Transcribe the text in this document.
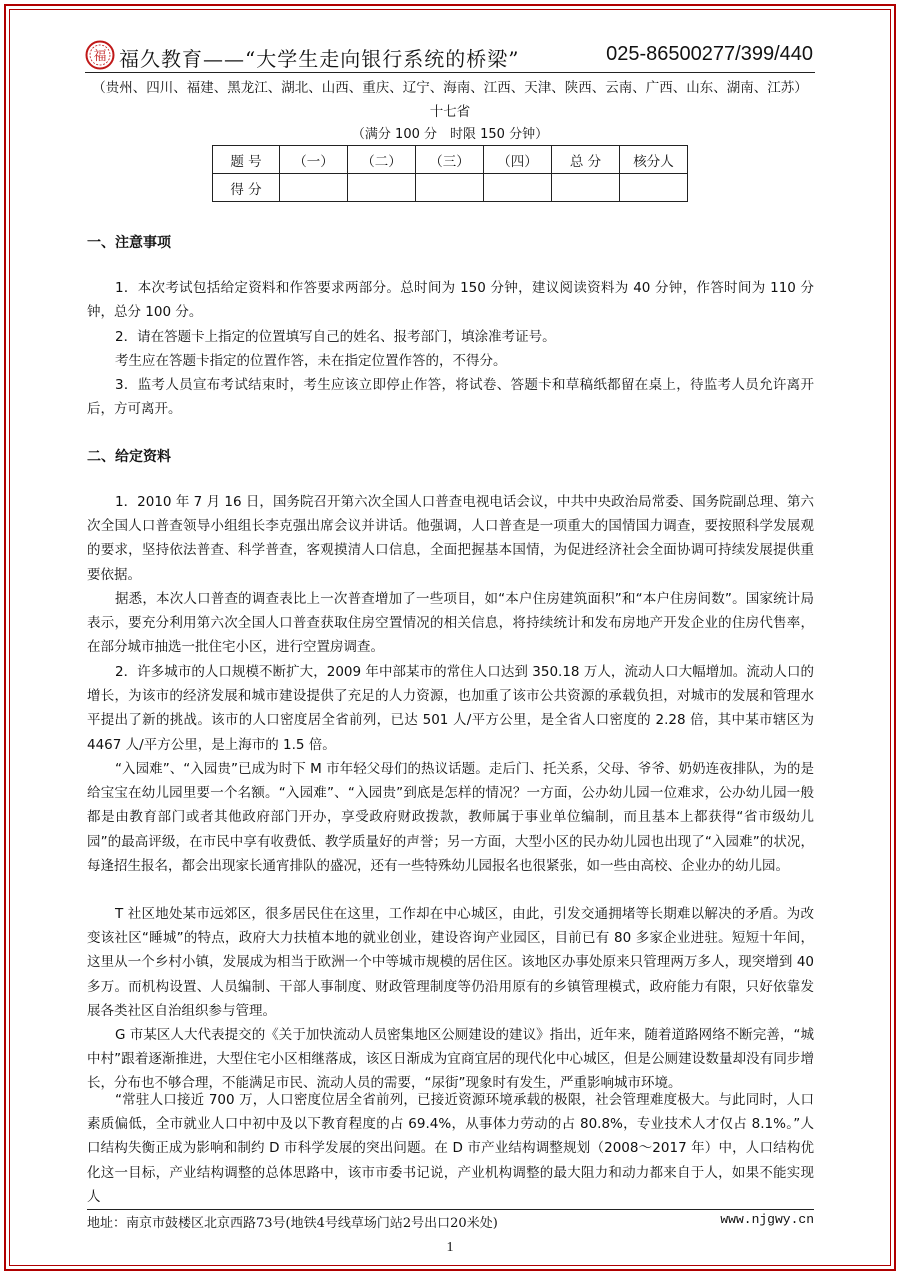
福 福久教育——“大学生走向银行系统的桥梁”	025-86500277/399/440
（贵州、四川、福建、黑龙江、湖北、山西、重庆、辽宁、海南、江西、天津、陕西、云南、广西、山东、湖南、江苏）
十七省
（满分 100 分　时限 150 分钟）
题 号	（一）	（二）	（三）	（四）	总 分	核分人
得 分						
一、注意事项

1．本次考试包括给定资料和作答要求两部分。总时间为 150 分钟，建议阅读资料为 40 分钟，作答时间为 110 分钟，总分 100 分。

2．请在答题卡上指定的位置填写自己的姓名、报考部门，填涂准考证号。

考生应在答题卡指定的位置作答，未在指定位置作答的，不得分。

3．监考人员宣布考试结束时，考生应该立即停止作答，将试卷、答题卡和草稿纸都留在桌上，待监考人员允许离开后，方可离开。

二、给定资料

1．2010 年 7 月 16 日，国务院召开第六次全国人口普查电视电话会议，中共中央政治局常委、国务院副总理、第六次全国人口普查领导小组组长李克强出席会议并讲话。他强调，人口普查是一项重大的国情国力调查，要按照科学发展观的要求，坚持依法普查、科学普查，客观摸清人口信息，全面把握基本国情，为促进经济社会全面协调可持续发展提供重要依据。

据悉，本次人口普查的调查表比上一次普查增加了一些项目，如“本户住房建筑面积”和“本户住房间数”。国家统计局表示，要充分利用第六次全国人口普查获取住房空置情况的相关信息，将持续统计和发布房地产开发企业的住房代售率，在部分城市抽选一批住宅小区，进行空置房调查。

2．许多城市的人口规模不断扩大，2009 年中部某市的常住人口达到 350.18 万人，流动人口大幅增加。流动人口的增长，为该市的经济发展和城市建设提供了充足的人力资源，也加重了该市公共资源的承载负担，对城市的发展和管理水平提出了新的挑战。该市的人口密度居全省前列，已达 501 人/平方公里，是全省人口密度的 2.28 倍，其中某市辖区为 4467 人/平方公里，是上海市的 1.5 倍。

“入园难”、“入园贵”已成为时下 M 市年轻父母们的热议话题。走后门、托关系，父母、爷爷、奶奶连夜排队，为的是给宝宝在幼儿园里要一个名额。“入园难”、“入园贵”到底是怎样的情况？一方面，公办幼儿园一位难求，公办幼儿园一般都是由教育部门或者其他政府部门开办，享受政府财政拨款，教师属于事业单位编制，而且基本上都获得“省市级幼儿园”的最高评级，在市民中享有收费低、教学质量好的声誉；另一方面，大型小区的民办幼儿园也出现了“入园难”的状况，每逢招生报名，都会出现家长通宵排队的盛况，还有一些特殊幼儿园报名也很紧张，如一些由高校、企业办的幼儿园。

T 社区地处某市远郊区，很多居民住在这里，工作却在中心城区，由此，引发交通拥堵等长期难以解决的矛盾。为改变该社区“睡城”的特点，政府大力扶植本地的就业创业，建设咨询产业园区，目前已有 80 多家企业进驻。短短十年间，这里从一个乡村小镇，发展成为相当于欧洲一个中等城市规模的居住区。该地区办事处原来只管理两万多人，现突增到 40 多万。而机构设置、人员编制、干部人事制度、财政管理制度等仍沿用原有的乡镇管理模式，政府能力有限，只好依靠发展各类社区自治组织参与管理。

G 市某区人大代表提交的《关于加快流动人员密集地区公厕建设的建议》指出，近年来，随着道路网络不断完善，“城中村”跟着逐渐推进，大型住宅小区相继落成，该区日渐成为宜商宜居的现代化中心城区，但是公厕建设数量却没有同步增长，分布也不够合理，不能满足市民、流动人员的需要，“尿街”现象时有发生，严重影响城市环境。

“常驻人口接近 700 万，人口密度位居全省前列，已接近资源环境承载的极限，社会管理难度极大。与此同时，人口素质偏低，全市就业人口中初中及以下教育程度的占 69.4%，从事体力劳动的占 80.8%，专业技术人才仅占 8.1%。”人口结构失衡正成为影响和制约 D 市科学发展的突出问题。在 D 市产业结构调整规划（2008～2017 年）中，人口结构优化这一目标，产业结构调整的总体思路中，该市市委书记说，产业机构调整的最大阻力和动力都来自于人，如果不能实现人

地址：南京市鼓楼区北京西路73号(地铁4号线草场门站2号出口20米处)	www.njgwy.cn
1
